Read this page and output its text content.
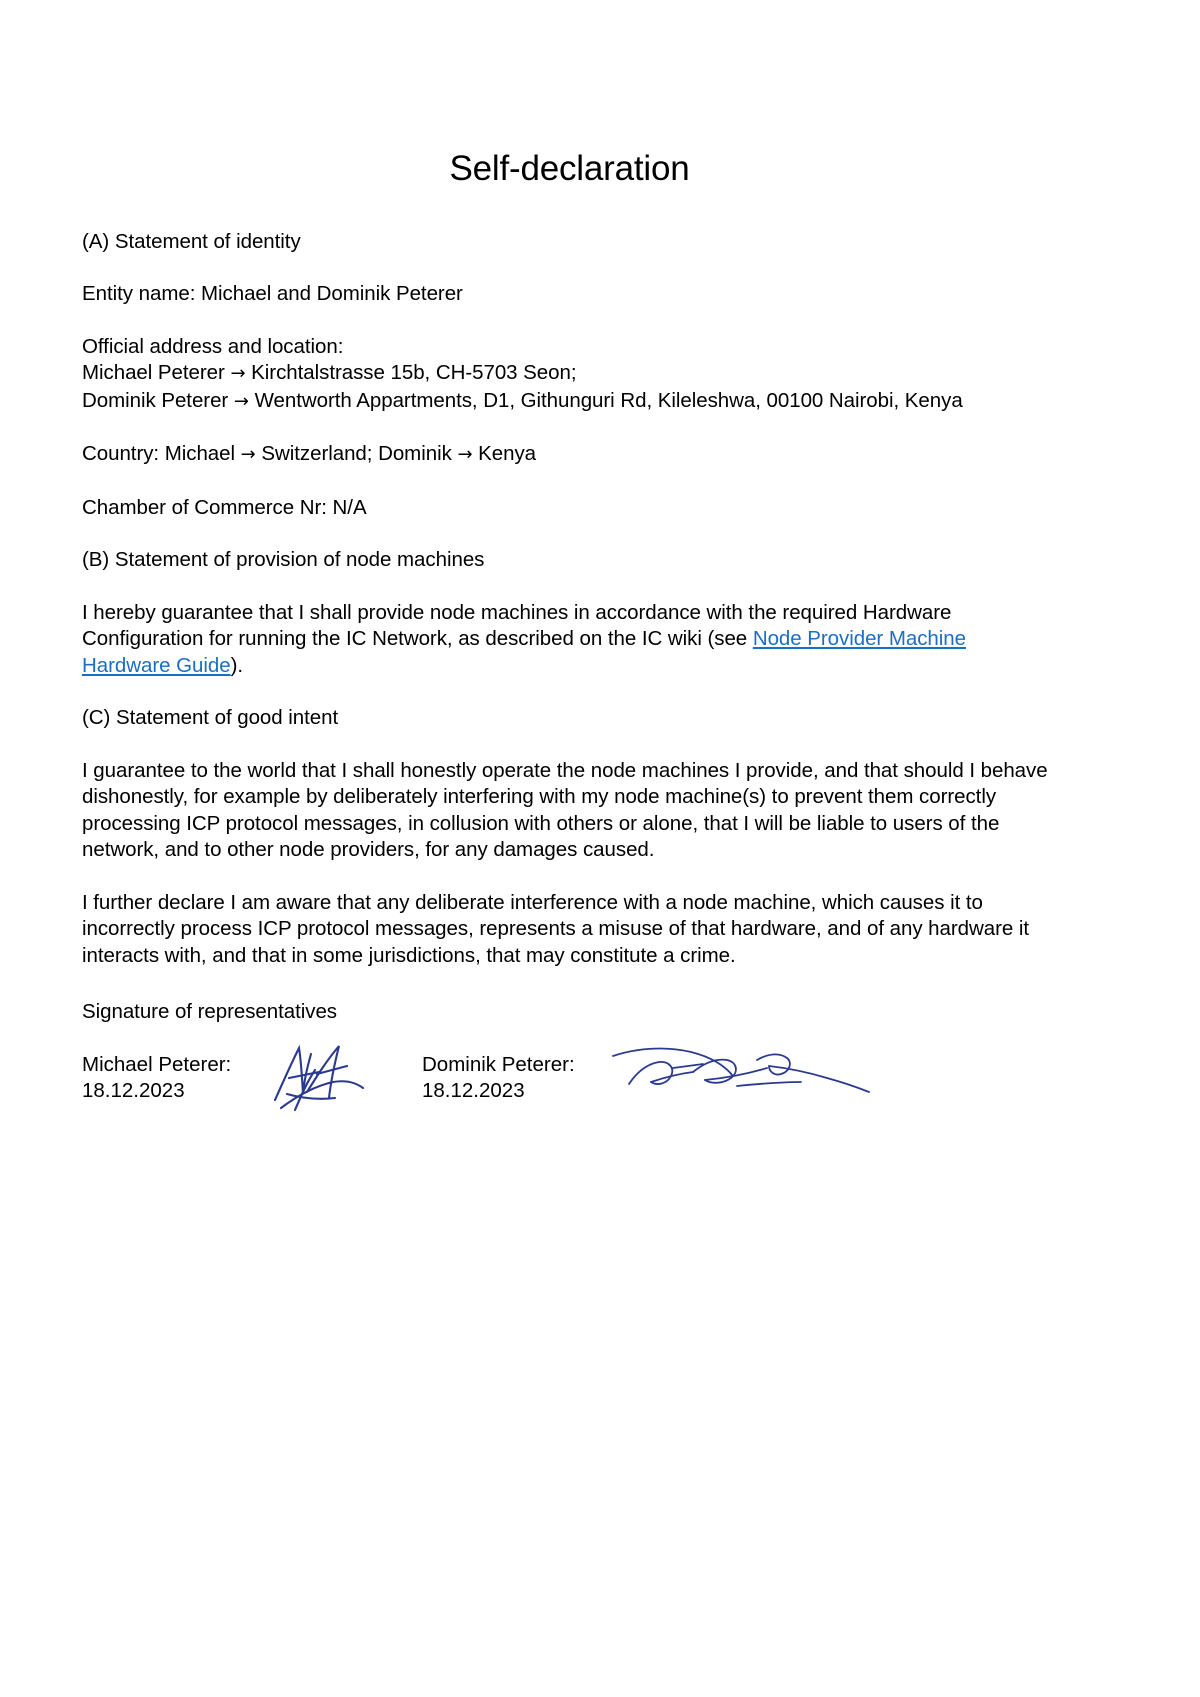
Self-declaration

(A) Statement of identity

Entity name: Michael and Dominik Peterer

Official address and location:
Michael Peterer → Kirchtalstrasse 15b, CH-5703 Seon;
Dominik Peterer → Wentworth Appartments, D1, Githunguri Rd, Kileleshwa, 00100 Nairobi, Kenya

Country: Michael → Switzerland; Dominik → Kenya

Chamber of Commerce Nr: N/A

(B) Statement of provision of node machines

I hereby guarantee that I shall provide node machines in accordance with the required Hardware Configuration for running the IC Network, as described on the IC wiki (see Node Provider Machine Hardware Guide).

(C) Statement of good intent

I guarantee to the world that I shall honestly operate the node machines I provide, and that should I behave dishonestly, for example by deliberately interfering with my node machine(s) to prevent them correctly processing ICP protocol messages, in collusion with others or alone, that I will be liable to users of the network, and to other node providers, for any damages caused.

I further declare I am aware that any deliberate interference with a node machine, which causes it to incorrectly process ICP protocol messages, represents a misuse of that hardware, and of any hardware it interacts with, and that in some jurisdictions, that may constitute a crime.

Signature of representatives

Michael Peterer:
18.12.2023
Dominik Peterer:
18.12.2023
